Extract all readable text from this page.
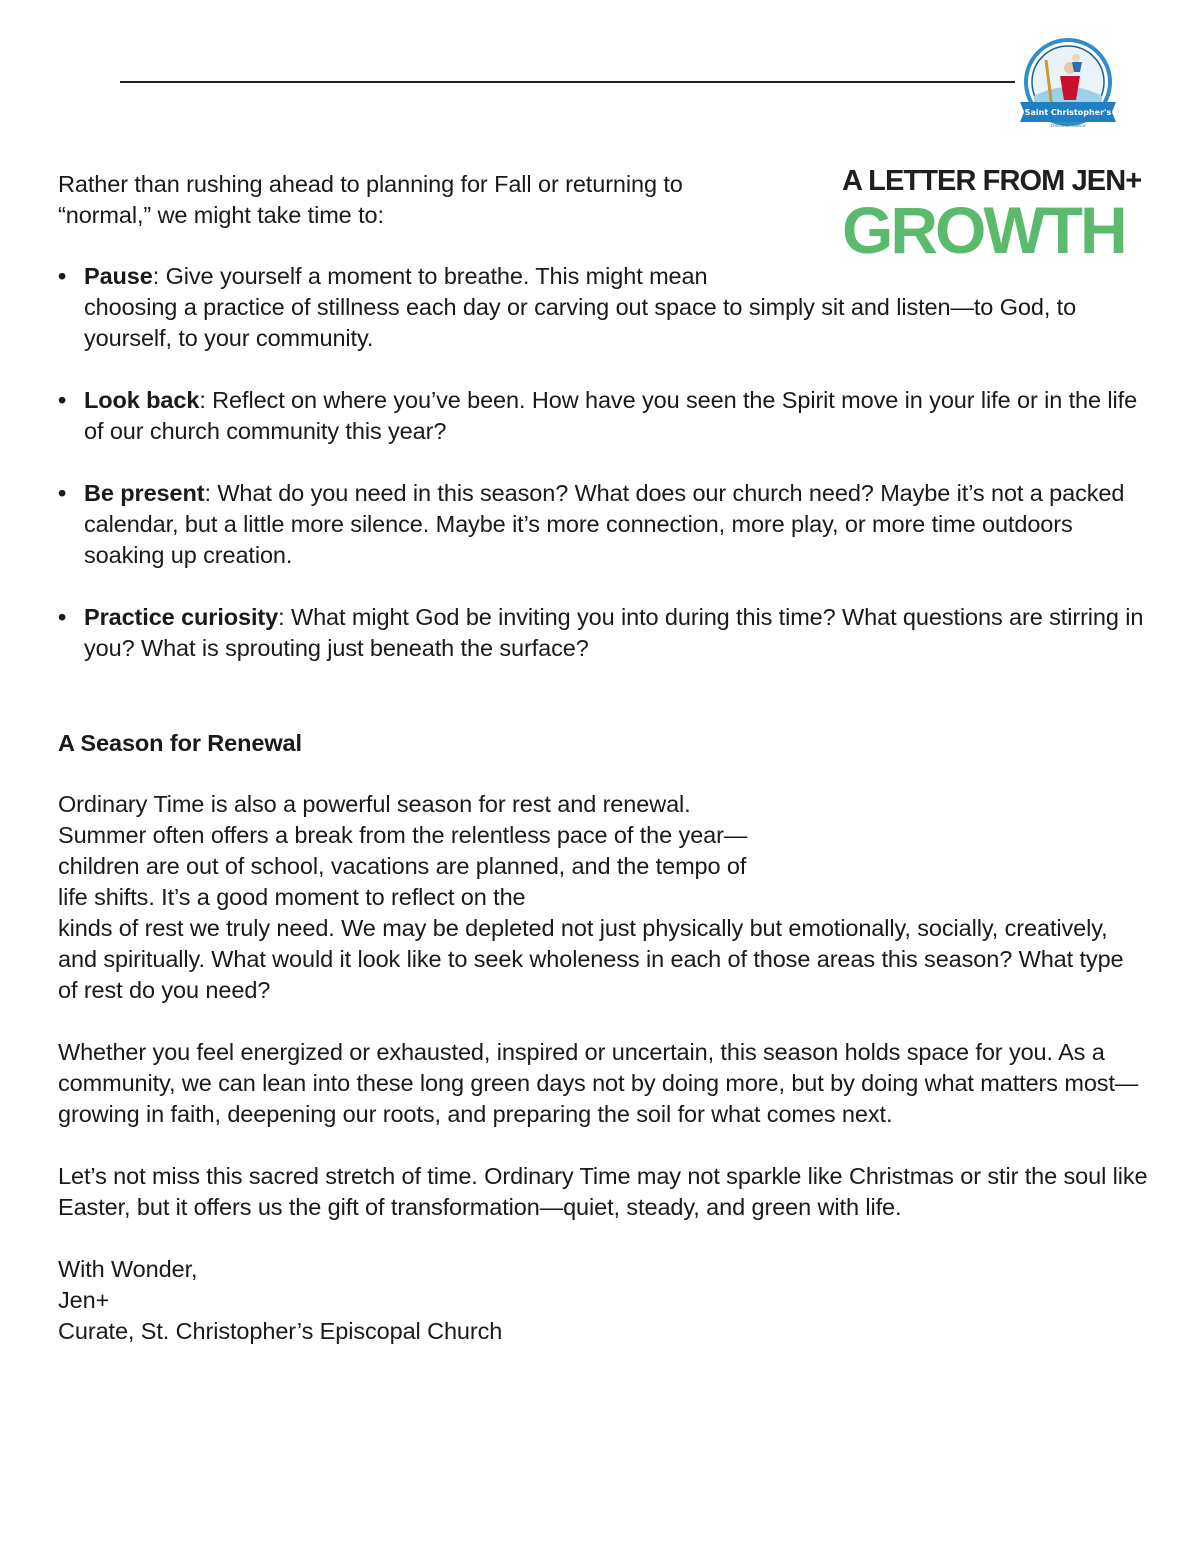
Saint Christopher's
EPISCOPAL CHURCH
A LETTER FROM JEN+
GROWTH

Rather than rushing ahead to planning for Fall or returning to “normal,” we might take time to:

• Pause: Give yourself a moment to breathe. This might mean
choosing a practice of stillness each day or carving out space to simply sit and listen—to God, to yourself, to your community.
• Look back: Reflect on where you’ve been. How have you seen the Spirit move in your life or in the life of our church community this year?
• Be present: What do you need in this season? What does our church need? Maybe it’s not a packed calendar, but a little more silence. Maybe it’s more connection, more play, or more time outdoors soaking up creation.
• Practice curiosity: What might God be inviting you into during this time? What questions are stirring in you? What is sprouting just beneath the surface?
A Season for Renewal

Ordinary Time is also a powerful season for rest and renewal. Summer often offers a break from the relentless pace of the year—children are out of school, vacations are planned, and the tempo of life shifts. It’s a good moment to reflect on the
kinds of rest we truly need. We may be depleted not just physically but emotionally, socially, creatively, and spiritually. What would it look like to seek wholeness in each of those areas this season? What type of rest do you need?

Whether you feel energized or exhausted, inspired or uncertain, this season holds space for you. As a community, we can lean into these long green days not by doing more, but by doing what matters most—growing in faith, deepening our roots, and preparing the soil for what comes next.

Let’s not miss this sacred stretch of time. Ordinary Time may not sparkle like Christmas or stir the soul like Easter, but it offers us the gift of transformation—quiet, steady, and green with life.

With Wonder,
Jen+
Curate, St. Christopher’s Episcopal Church
